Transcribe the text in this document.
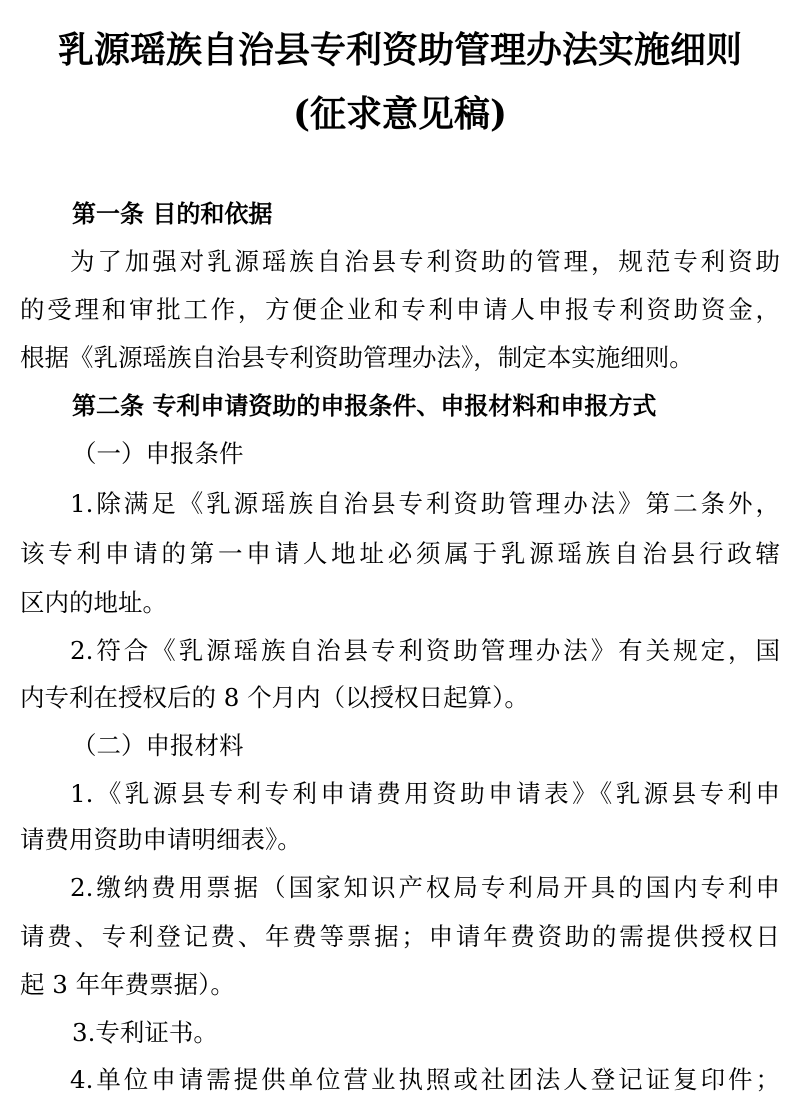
乳源瑶族自治县专利资助管理办法实施细则
(征求意见稿)
第一条 目的和依据
为了加强对乳源瑶族自治县专利资助的管理，规范专利资助
的受理和审批工作，方便企业和专利申请人申报专利资助资金，
根据《乳源瑶族自治县专利资助管理办法》，制定本实施细则。
第二条 专利申请资助的申报条件、申报材料和申报方式
（一）申报条件
1.除满足《乳源瑶族自治县专利资助管理办法》第二条外，
该专利申请的第一申请人地址必须属于乳源瑶族自治县行政辖
区内的地址。
2.符合《乳源瑶族自治县专利资助管理办法》有关规定，国
内专利在授权后的 8 个月内（以授权日起算）。
（二）申报材料
1.《乳源县专利专利申请费用资助申请表》《乳源县专利申
请费用资助申请明细表》。
2.缴纳费用票据（国家知识产权局专利局开具的国内专利申
请费、专利登记费、年费等票据；申请年费资助的需提供授权日
起 3 年年费票据）。
3.专利证书。
4.单位申请需提供单位营业执照或社团法人登记证复印件；
